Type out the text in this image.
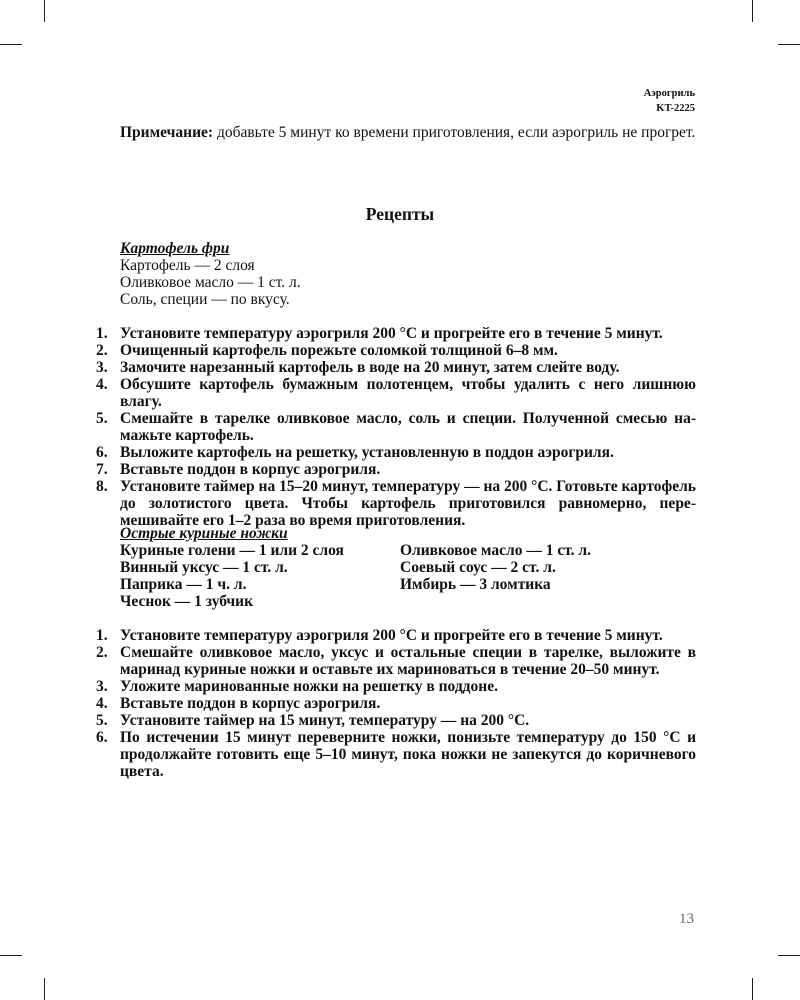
Аэрогриль
KT-2225
Примечание: добавьте 5 минут ко времени приготовления, если аэрогриль не прогрет.
Рецепты
Картофель фри
Картофель — 2 слоя
Оливковое масло — 1 ст. л.
Соль, специи — по вкусу.
1. Установите температуру аэрогриля 200 °С и прогрейте его в течение 5 минут.
2. Очищенный картофель порежьте соломкой толщиной 6–8 мм.
3. Замочите нарезанный картофель в воде на 20 минут, затем слейте воду.
4. Обсушите картофель бумажным полотенцем, чтобы удалить с него лишнюю влагу.
5. Смешайте в тарелке оливковое масло, соль и специи. Полученной смесью намажьте картофель.
6. Выложите картофель на решетку, установленную в поддон аэрогриля.
7. Вставьте поддон в корпус аэрогриля.
8. Установите таймер на 15–20 минут, температуру — на 200 °С. Готовьте картофель до золотистого цвета. Чтобы картофель приготовился равномерно, перемешивайте его 1–2 раза во время приготовления.
Острые куриные ножки
Куриные голени — 1 или 2 слоя
Винный уксус — 1 ст. л.
Паприка — 1 ч. л.
Чеснок — 1 зубчик
Оливковое масло — 1 ст. л.
Соевый соус — 2 ст. л.
Имбирь — 3 ломтика
1. Установите температуру аэрогриля 200 °С и прогрейте его в течение 5 минут.
2. Смешайте оливковое масло, уксус и остальные специи в тарелке, выложите в маринад куриные ножки и оставьте их мариноваться в течение 20–50 минут.
3. Уложите маринованные ножки на решетку в поддоне.
4. Вставьте поддон в корпус аэрогриля.
5. Установите таймер на 15 минут, температуру — на 200 °С.
6. По истечении 15 минут переверните ножки, понизьте температуру до 150 °С и продолжайте готовить еще 5–10 минут, пока ножки не запекутся до коричневого цвета.
13
